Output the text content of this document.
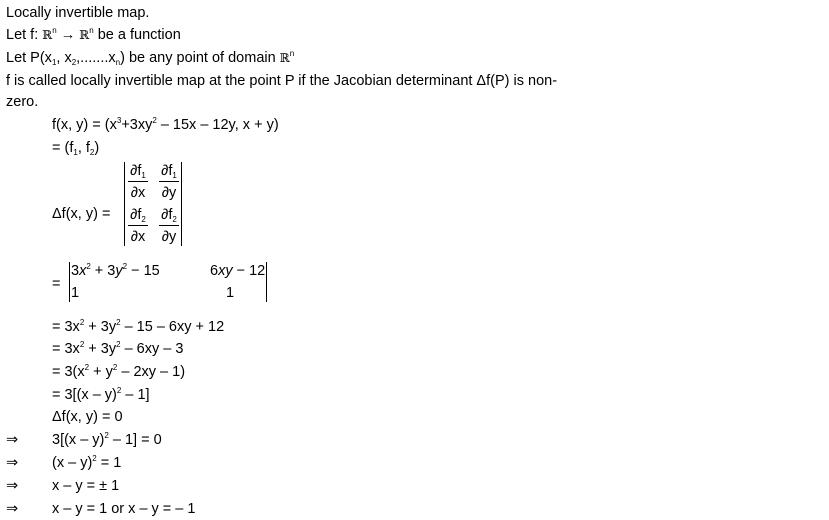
Locally invertible map.
Let f: ℝ$^n$ → ℝ$^n$ be a function
Let $P(x_1$, $x_2,.......x_n$) be any point of domain ℝ$^n$
f is called locally invertible map at the point P if the Jacobian determinant Δf(P) is non-
zero.
f(x, $y) = (x^3+3xy^2 - 15x - 12y$, x + y)
= ($f_1$, $f_2$)
Δf(x, y) =
$\partial f_1$
∂x
$\partial f_1$
∂y
$\partial f_2$
∂x
$\partial f_2$
∂y
=
$3x^2 + 3y^2 - 15$	6xy − 12
1	1
= $3x^2 + 3y^2 - 15 - 6xy + 12$
= $3x^2 + 3y^2 - 6xy - 3$
= $3(x^2 + y^2 - 2xy - 1)$
= 3[(x – y)$^2$ – 1]
Δf(x, y) = 0
⇒ 3[(x – y)$^2$ – 1] = 0
⇒ (x – y)$^2$ = 1
⇒ x – y = ± 1
⇒ x – y = 1 or x – y = – 1
